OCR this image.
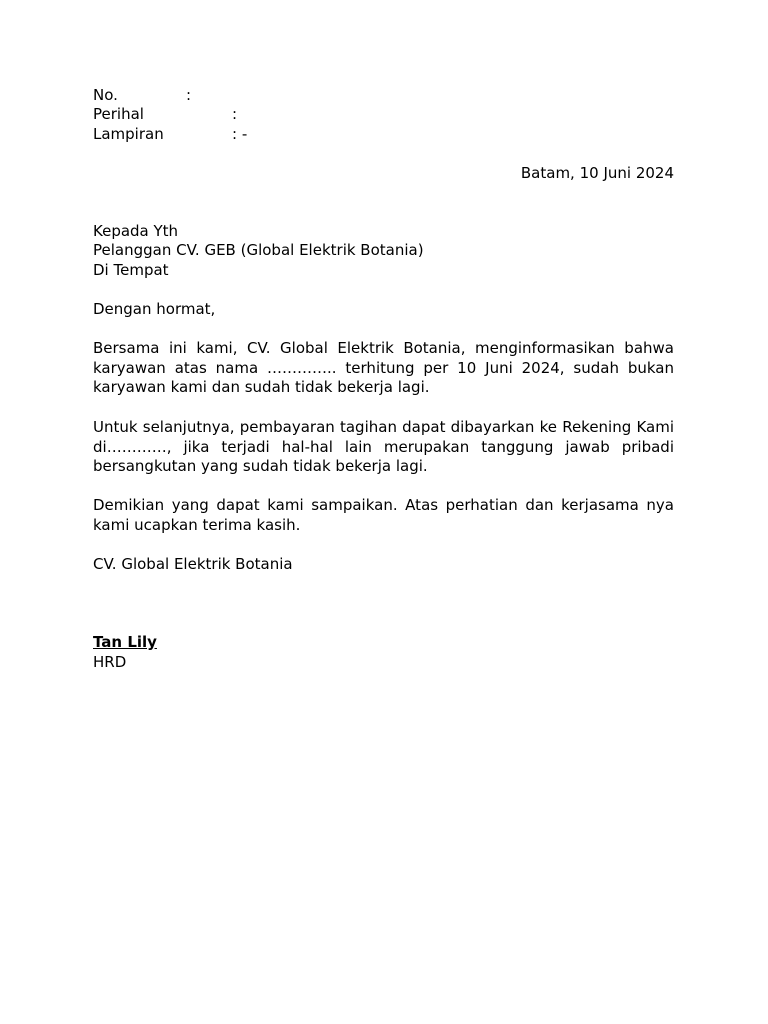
No.	:
Perihal	:
Lampiran	: -
Batam, 10 Juni 2024
Kepada Yth
Pelanggan CV. GEB (Global Elektrik Botania)
Di Tempat
Dengan hormat,
Bersama ini kami, CV. Global Elektrik Botania, menginformasikan bahwa karyawan atas nama ………….. terhitung per 10 Juni 2024, sudah bukan karyawan kami dan sudah tidak bekerja lagi.
Untuk selanjutnya, pembayaran tagihan dapat dibayarkan ke Rekening Kami di…………, jika terjadi hal-hal lain merupakan tanggung jawab pribadi bersangkutan yang sudah tidak bekerja lagi.
Demikian yang dapat kami sampaikan. Atas perhatian dan kerjasama nya kami ucapkan terima kasih.
CV. Global Elektrik Botania
Tan Lily
HRD
